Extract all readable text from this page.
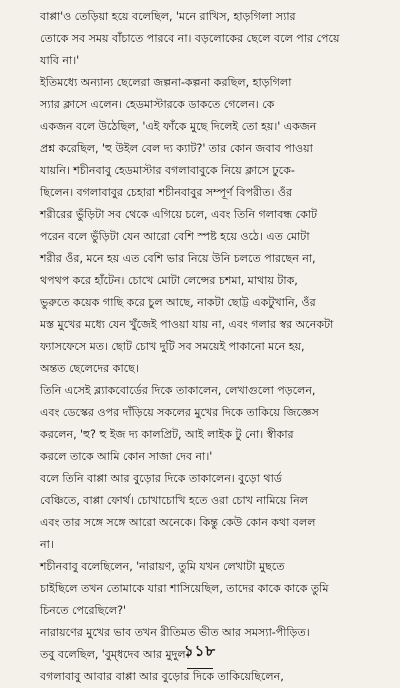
বাপ্পা'ও তেড়িয়া হয়ে বলেছিল, 'মনে রাখিস, হাড়গিলা স্যার
তোকে সব সময় বাঁচাতে পারবে না। বড়লোকের ছেলে বলে পার পেয়ে
যাবি না।'

ইতিমধ্যে অন্যান্য ছেলেরা জল্পনা-কল্পনা করছিল, হাড়গিলা
স্যার ক্লাসে এলেন। হেডমাস্টারকে ডাকতে গেলেন। কে
একজন বলে উঠেছিল, 'এই ফাঁকে মুছে দিলেই তো হয়।' একজন
প্রশ্ন করেছিল, 'হু উইল বেল দ্য ক্যাট?' তার কোন জবাব পাওয়া
যায়নি। শচীনবাবু হেডমাস্টার বগলাবাবুকে নিয়ে ক্লাসে ঢুকে-
ছিলেন। বগলাবাবুর চেহারা শচীনবাবুর সম্পূর্ণ বিপরীত। ওঁর
শরীরের ভুঁড়িটা সব থেকে এগিয়ে চলে, এবং তিনি গলাবন্ধ কোট
পরেন বলে ভুঁড়িটা যেন আরো বেশি স্পষ্ট হয়ে ওঠে। এত মোটা
শরীর ওঁর, মনে হয় এত বেশি ভার নিয়ে উনি চলতে পারছেন না,
থপথপ করে হাঁটেন। চোখে মোটা লেন্সের চশমা, মাথায় টাক,
ভুরুতে কয়েক গাছি করে চুল আছে, নাকটা ছোট্ট একটুখানি, ওঁর
মস্ত মুখের মধ্যে যেন খুঁজেই পাওয়া যায় না, এবং গলার স্বর অনেকটা
ফ্যাসফেসে মত। ছোট চোখ দুটি সব সময়েই পাকানো মনে হয়,
অন্তত ছেলেদের কাছে।

তিনি এসেই ব্ল্যাকবোর্ডের দিকে তাকালেন, লেখাগুলো পড়লেন,
এবং ডেস্কের ওপর দাঁড়িয়ে সকলের মুখের দিকে তাকিয়ে জিজ্ঞেস
করলেন, 'হু? হু ইজ দ্য কালপ্রিট, আই লাইক টু নো। স্বীকার
করলে তাকে আমি কোন সাজা দেব না।'

বলে তিনি বাপ্পা আর বুড়োর দিকে তাকালেন। বুড়ো থার্ড
বেঞ্চিতে, বাপ্পা ফোর্থ। চোখাচোখি হতে ওরা চোখ নামিয়ে নিল
এবং তার সঙ্গে সঙ্গে আরো অনেকে। কিন্তু কেউ কোন কথা বলল
না।

শচীনবাবু বলেছিলেন, 'নারায়ণ, তুমি যখন লেখাটা মুছতে
চাইছিলে তখন তোমাকে যারা শাসিয়েছিল, তাদের কাকে কাকে তুমি
চিনতে পেরেছিলে?'

নারায়ণের মুখের ভাব তখন রীতিমত ভীত আর সমস্যা-পীড়িত।
তবু বলেছিল, 'বুম্ধদেব আর মুদুল।'

বগলাবাবু আবার বাপ্পা আর বুড়োর দিকে তাকিয়েছিলেন,

১১৮
